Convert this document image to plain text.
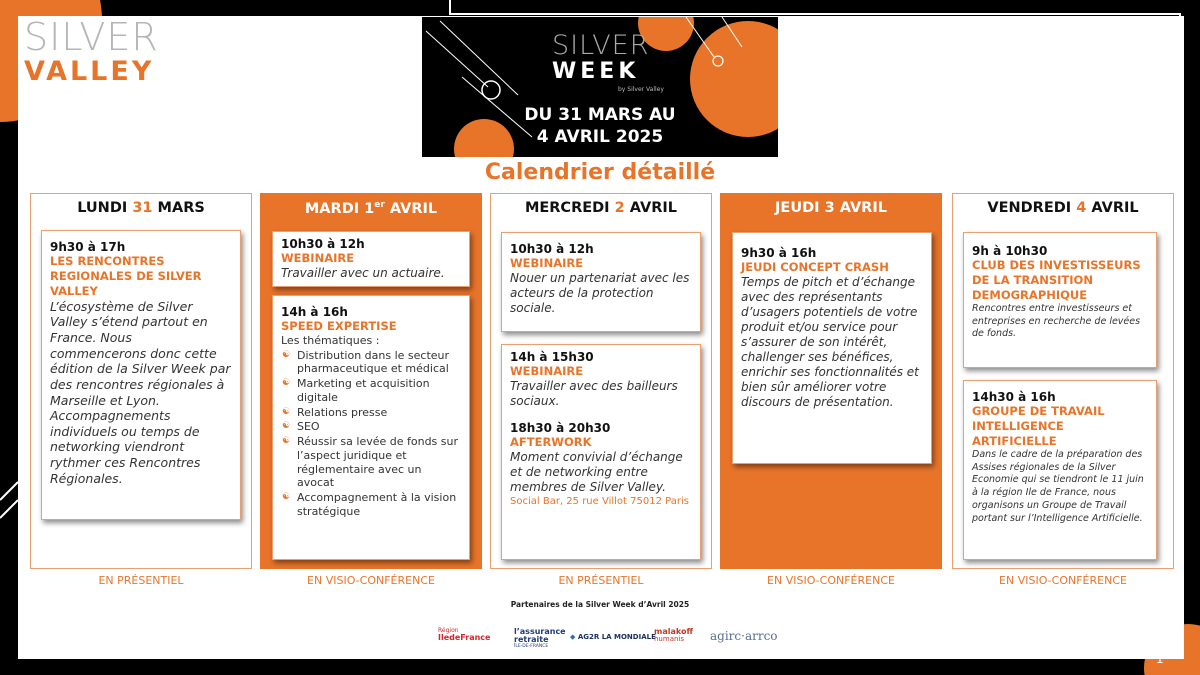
SILVER
VALLEY
SILVER
WEEK
by Silver Valley
DU 31 MARS AU
4 AVRIL 2025
Calendrier détaillé
LUNDI 31 MARS
9h30 à 17h
LES RENCONTRES REGIONALES DE SILVER VALLEY
L’écosystème de Silver Valley s’étend partout en France. Nous commencerons donc cette édition de la Silver Week par des rencontres régionales à Marseille et Lyon. Accompagnements individuels ou temps de networking viendront rythmer ces Rencontres Régionales.
EN PRÉSENTIEL
MARDI 1er AVRIL
10h30 à 12h
WEBINAIRE
Travailler avec un actuaire.
14h à 16h
SPEED EXPERTISE
Les thématiques :
☯ Distribution dans le secteur pharmaceutique et médical
☯ Marketing et acquisition digitale
☯ Relations presse
☯ SEO
☯ Réussir sa levée de fonds sur l’aspect juridique et réglementaire avec un avocat
☯ Accompagnement à la vision stratégique
EN VISIO-CONFÉRENCE
MERCREDI 2 AVRIL
10h30 à 12h
WEBINAIRE
Nouer un partenariat avec les acteurs de la protection sociale.
14h à 15h30
WEBINAIRE
Travailler avec des bailleurs sociaux.
18h30 à 20h30
AFTERWORK
Moment convivial d’échange et de networking entre membres de Silver Valley.
Social Bar, 25 rue Villot 75012 Paris
EN PRÉSENTIEL
JEUDI 3 AVRIL
9h30 à 16h
JEUDI CONCEPT CRASH
Temps de pitch et d’échange avec des représentants d’usagers potentiels de votre produit et/ou service pour s’assurer de son intérêt, challenger ses bénéfices, enrichir ses fonctionnalités et bien sûr améliorer votre discours de présentation.
EN VISIO-CONFÉRENCE
VENDREDI 4 AVRIL
9h à 10h30
CLUB DES INVESTISSEURS DE LA TRANSITION DEMOGRAPHIQUE
Rencontres entre investisseurs et entreprises en recherche de levées de fonds.
14h30 à 16h
GROUPE DE TRAVAIL INTELLIGENCE ARTIFICIELLE
Dans le cadre de la préparation des Assises régionales de la Silver Economie qui se tiendront le 11 juin à la région Ile de France, nous organisons un Groupe de Travail portant sur l’Intelligence Artificielle.
EN VISIO-CONFÉRENCE
Partenaires de la Silver Week d’Avril 2025
Région
IledeFrance
l’assurance
retraite
ÎLE-DE-FRANCE
◆ AG2R LA MONDIALE
malakoff
humanis	agirc·arrco
1
